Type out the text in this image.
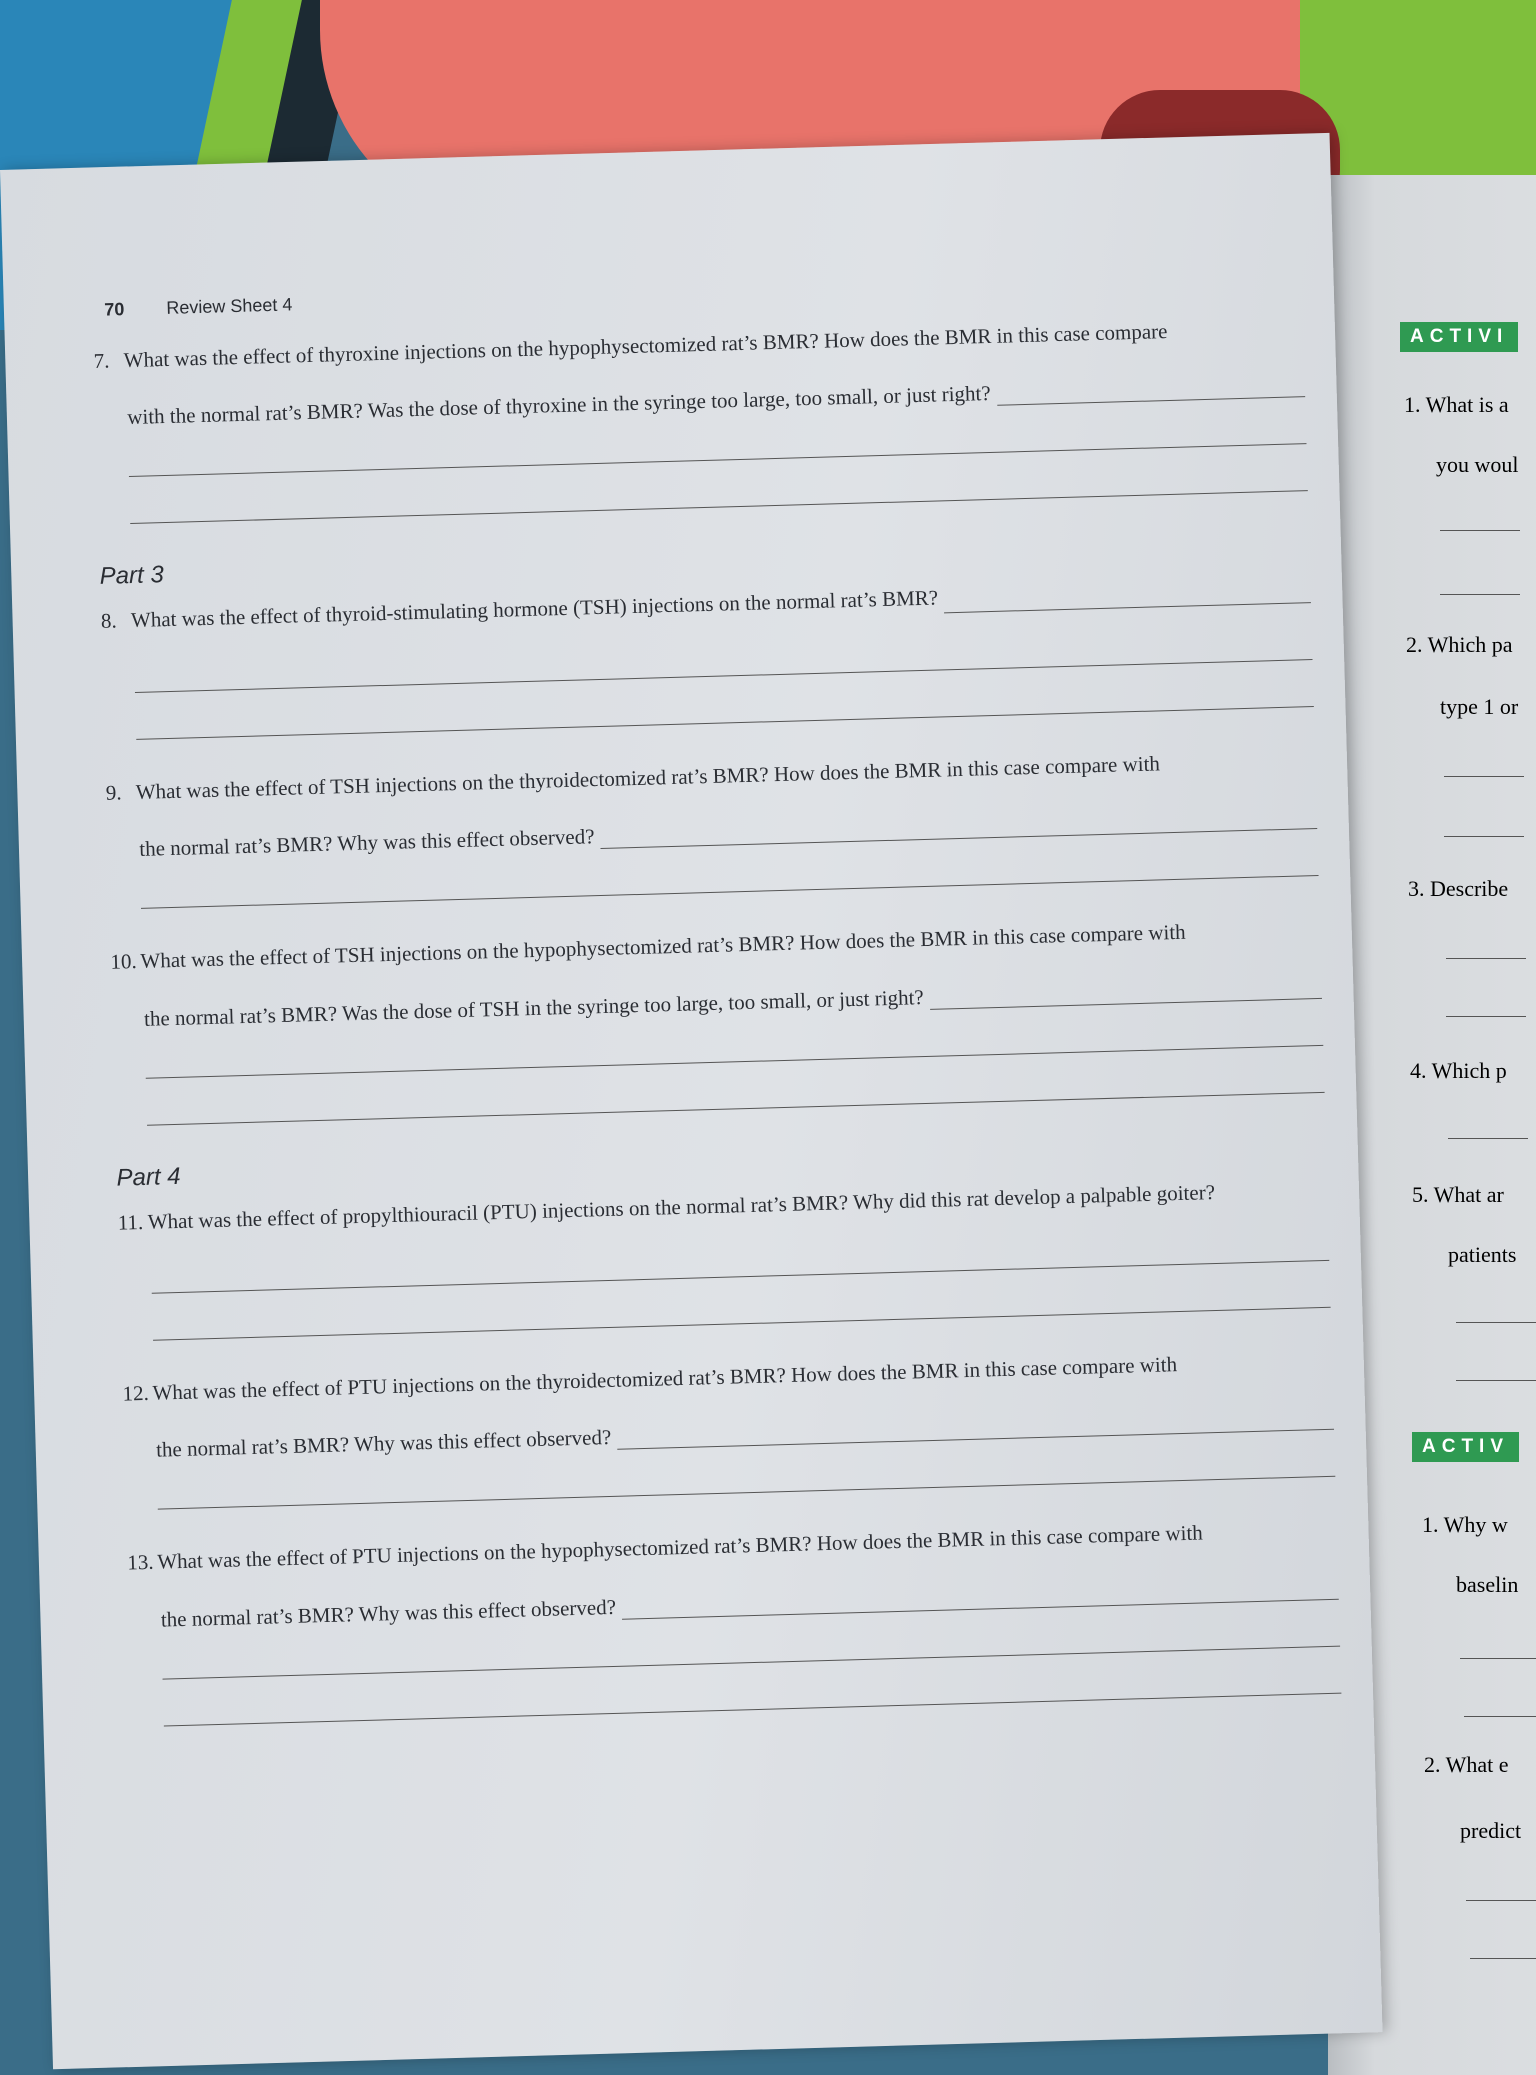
70 Review Sheet 4
7. What was the effect of thyroxine injections on the hypophysectomized rat’s BMR? How does the BMR in this case compare
with the normal rat’s BMR? Was the dose of thyroxine in the syringe too large, too small, or just right?
Part 3
8. What was the effect of thyroid-stimulating hormone (TSH) injections on the normal rat’s BMR?
9. What was the effect of TSH injections on the thyroidectomized rat’s BMR? How does the BMR in this case compare with
the normal rat’s BMR? Why was this effect observed?
10. What was the effect of TSH injections on the hypophysectomized rat’s BMR? How does the BMR in this case compare with
the normal rat’s BMR? Was the dose of TSH in the syringe too large, too small, or just right?
Part 4
11. What was the effect of propylthiouracil (PTU) injections on the normal rat’s BMR? Why did this rat develop a palpable goiter?
12. What was the effect of PTU injections on the thyroidectomized rat’s BMR? How does the BMR in this case compare with
the normal rat’s BMR? Why was this effect observed?
13. What was the effect of PTU injections on the hypophysectomized rat’s BMR? How does the BMR in this case compare with
the normal rat’s BMR? Why was this effect observed?
ACTIVI
1. What is a
you woul
2. Which pa
type 1 or
3. Describe
4. Which p
5. What ar
patients
ACTIV
1. Why w
baselin
2. What e
predict
